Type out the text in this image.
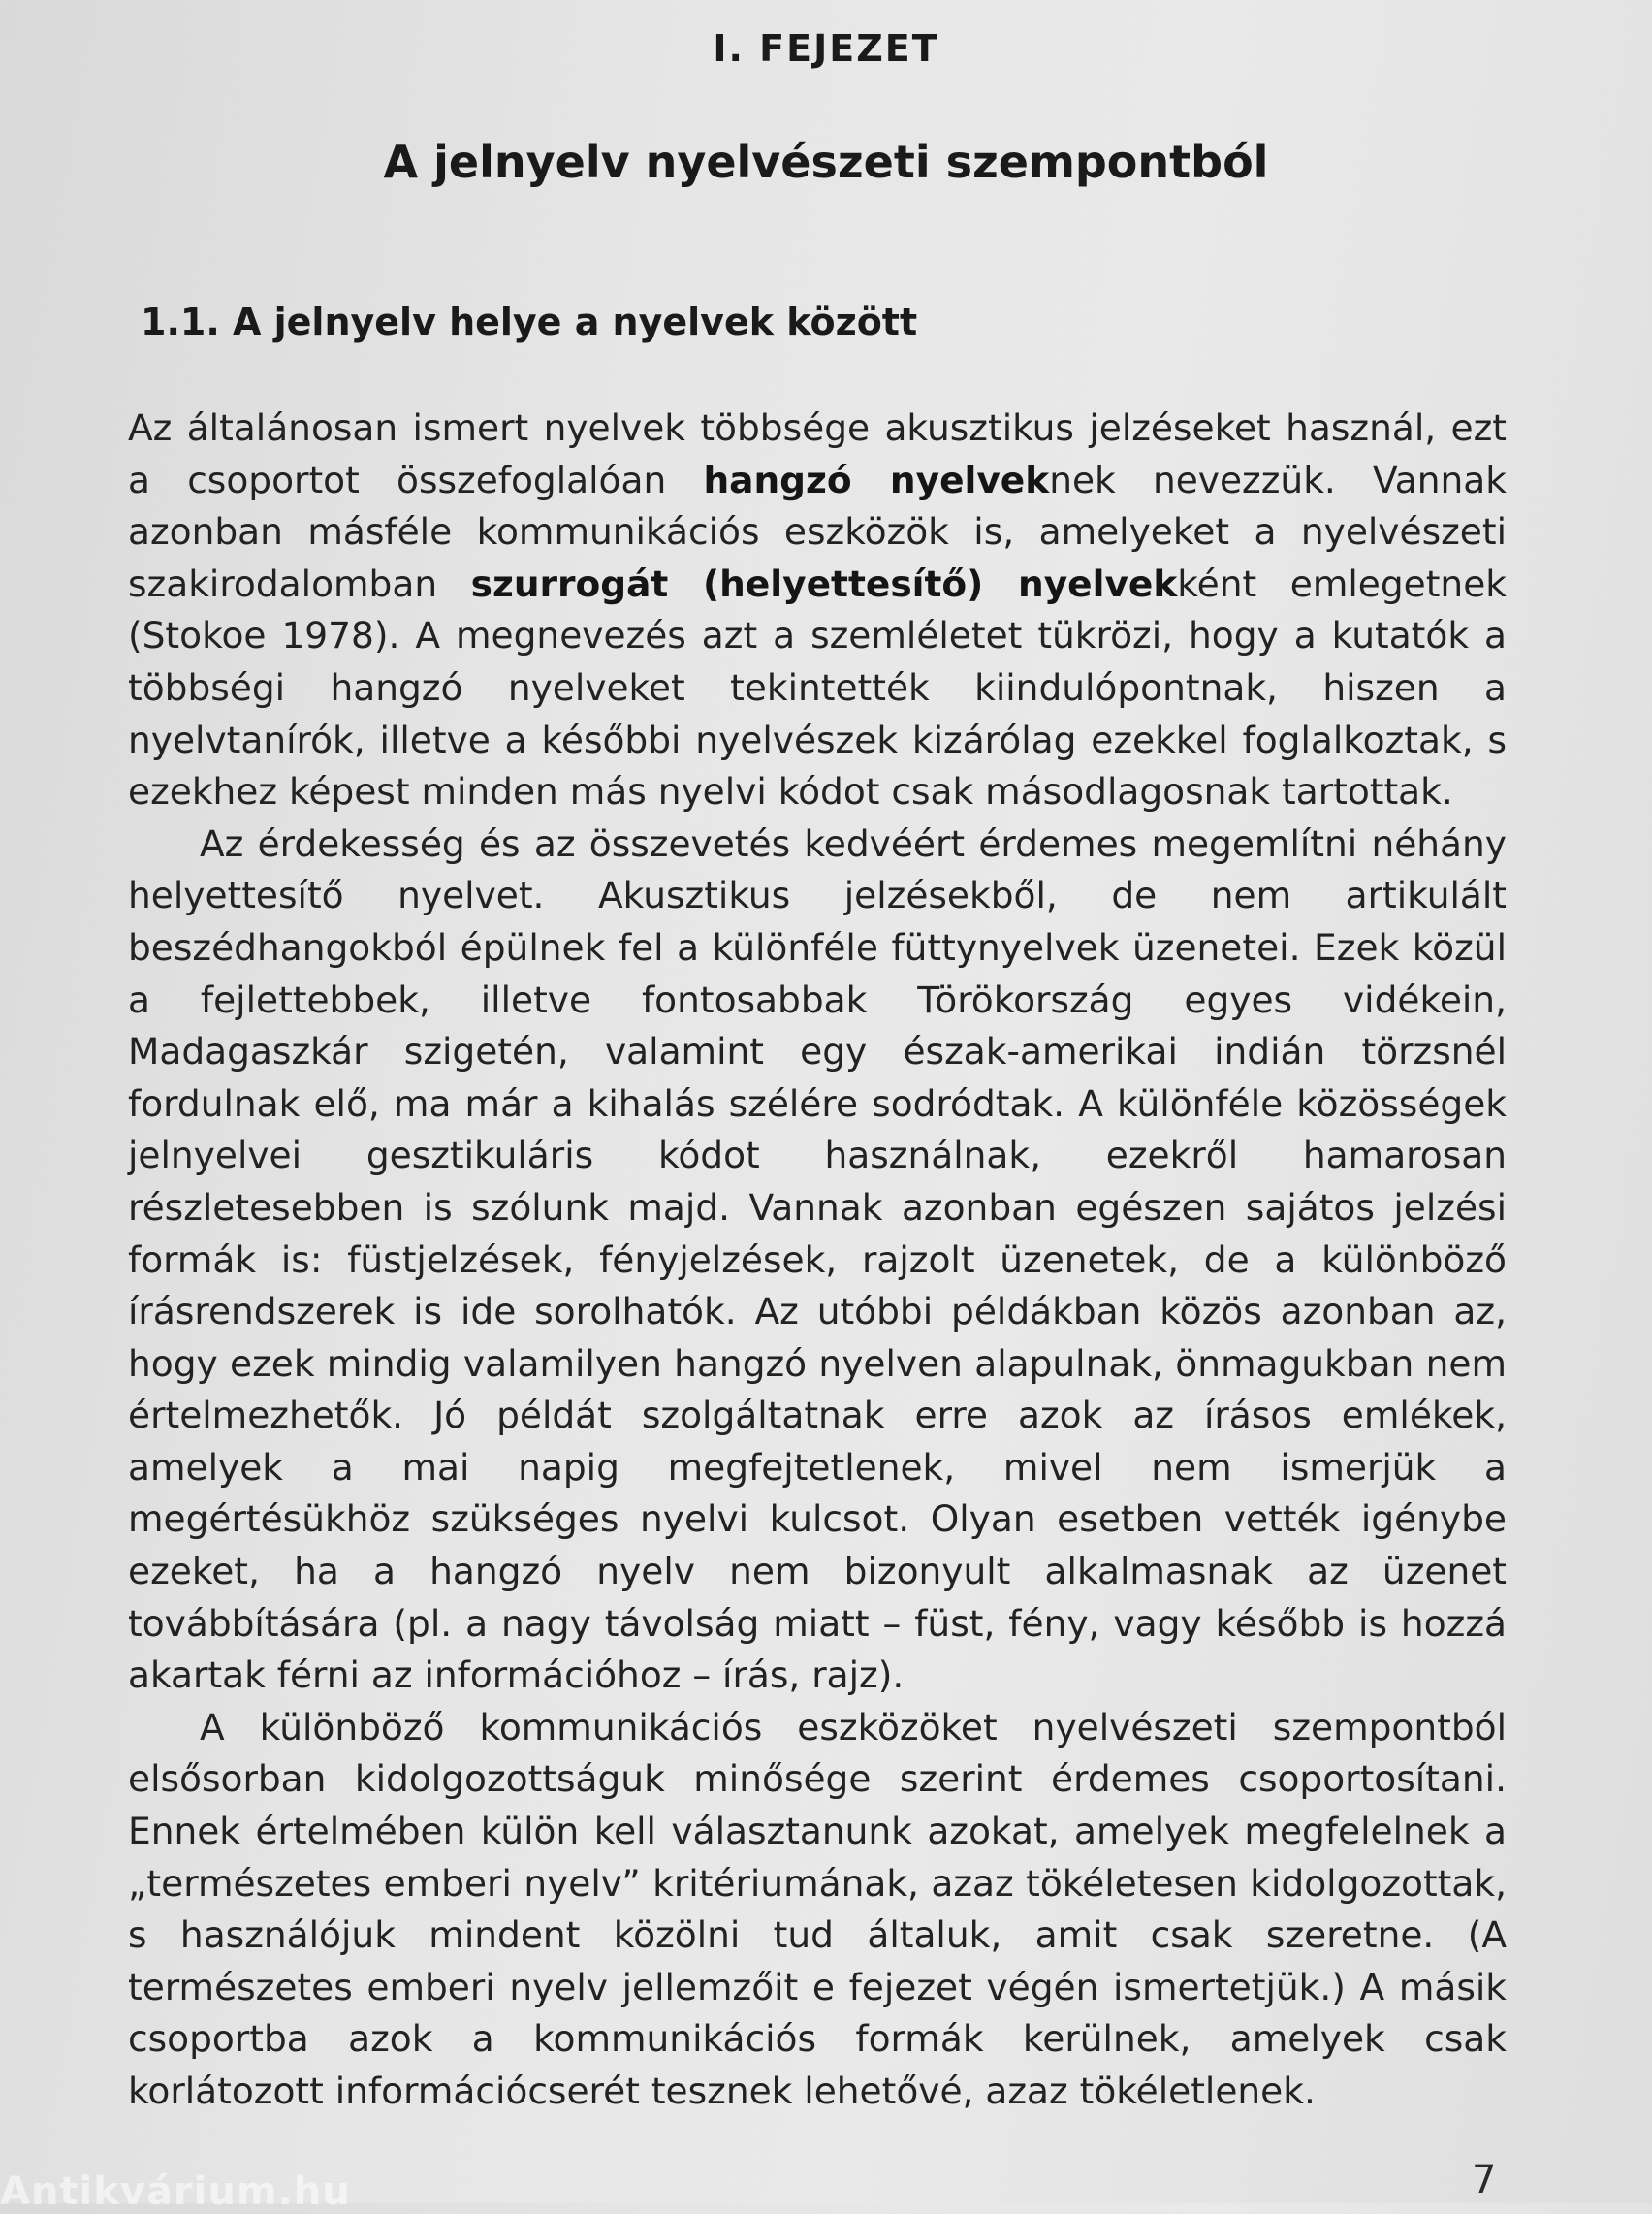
I. FEJEZET
A jelnyelv nyelvészeti szempontból
1.1. A jelnyelv helye a nyelvek között

Az általánosan ismert nyelvek többsége akusztikus jelzéseket használ, ezt a csoportot összefoglalóan hangzó nyelveknek nevezzük. Vannak azonban másféle kommunikációs eszközök is, amelyeket a nyelvészeti szakirodalomban szurrogát (helyettesítő) nyelvekként emlegetnek (Stokoe 1978). A megnevezés azt a szemléletet tükrözi, hogy a kutatók a többségi hangzó nyelveket tekintették kiindulópontnak, hiszen a nyelvtanírók, illetve a későbbi nyelvészek kizárólag ezekkel foglalkoztak, s ezekhez képest minden más nyelvi kódot csak másodlagosnak tartottak.

Az érdekesség és az összevetés kedvéért érdemes megemlítni néhány helyettesítő nyelvet. Akusztikus jelzésekből, de nem artikulált beszédhangokból épülnek fel a különféle füttynyelvek üzenetei. Ezek közül a fejlettebbek, illetve fontosabbak Törökország egyes vidékein, Madagaszkár szigetén, valamint egy észak-amerikai indián törzsnél fordulnak elő, ma már a kihalás szélére sodródtak. A különféle közösségek jelnyelvei gesztikuláris kódot használnak, ezekről hamarosan részletesebben is szólunk majd. Vannak azonban egészen sajátos jelzési formák is: füstjelzések, fényjelzések, rajzolt üzenetek, de a különböző írásrendszerek is ide sorolhatók. Az utóbbi példákban közös azonban az, hogy ezek mindig valamilyen hangzó nyelven alapulnak, önmagukban nem értelmezhetők. Jó példát szolgáltatnak erre azok az írásos emlékek, amelyek a mai napig megfejtetlenek, mivel nem ismerjük a megértésükhöz szükséges nyelvi kulcsot. Olyan esetben vették igénybe ezeket, ha a hangzó nyelv nem bizonyult alkalmasnak az üzenet továbbítására (pl. a nagy távolság miatt – füst, fény, vagy később is hozzá akartak férni az információhoz – írás, rajz).

A különböző kommunikációs eszközöket nyelvészeti szempontból elsősorban kidolgozottságuk minősége szerint érdemes csoportosítani. Ennek értelmében külön kell választanunk azokat, amelyek megfelelnek a „természetes emberi nyelv” kritériumának, azaz tökéletesen kidolgozottak, s használójuk mindent közölni tud általuk, amit csak szeretne. (A természetes emberi nyelv jellemzőit e fejezet végén ismertetjük.) A másik csoportba azok a kommunikációs formák kerülnek, amelyek csak korlátozott információcserét tesznek lehetővé, azaz tökéletlenek.

7
Antikvárium.hu
